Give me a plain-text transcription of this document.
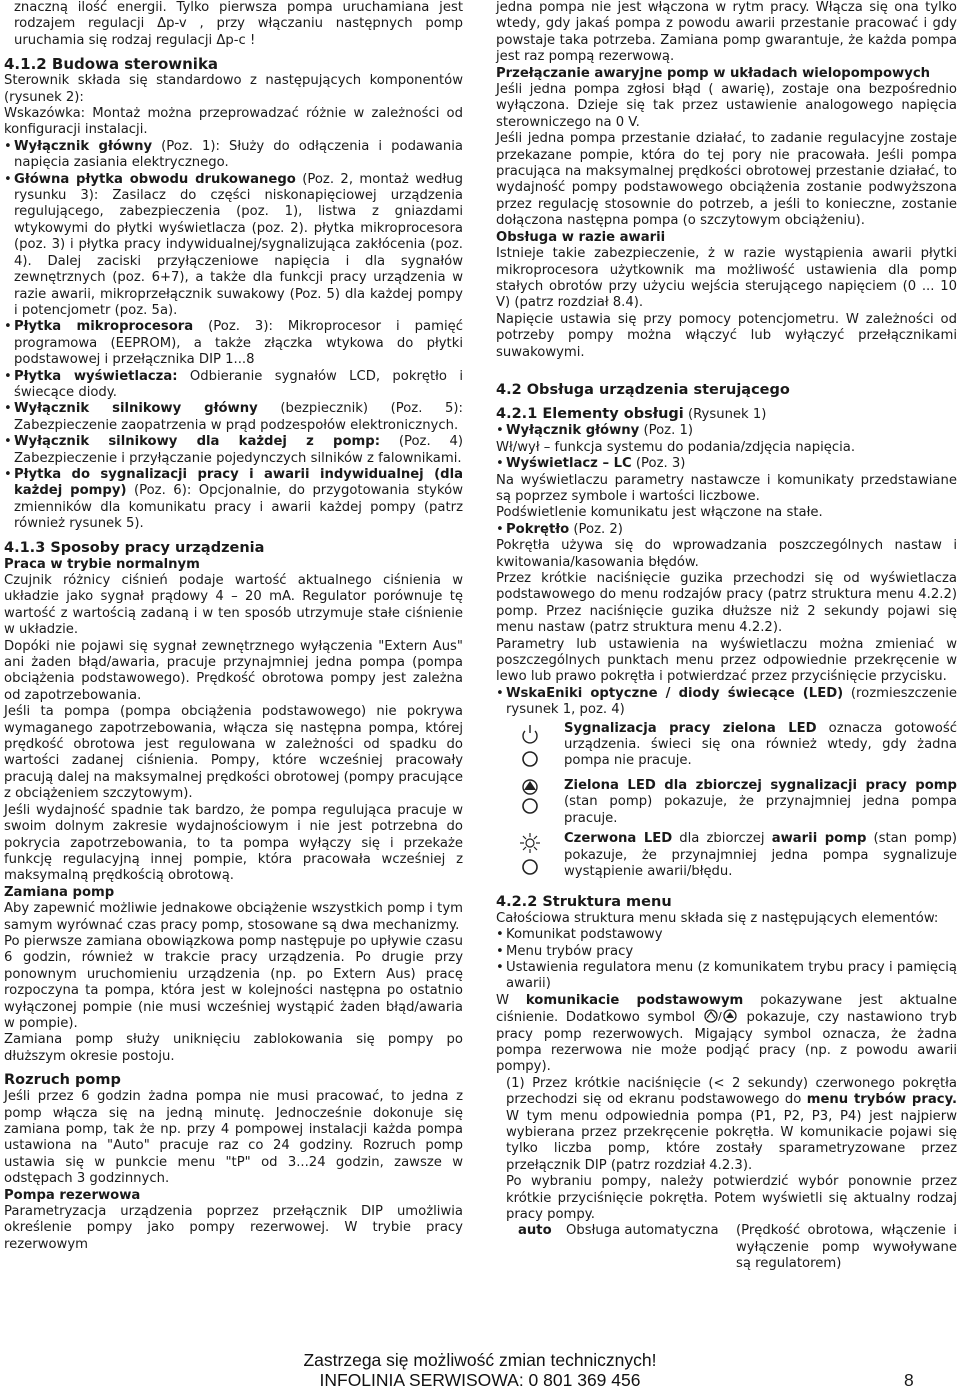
znaczną ilość energii. Tylko pierwsza pompa uruchamiana jest rodzajem regulacji Δp-v , przy włączaniu następnych pomp uruchamia się rodzaj regulacji Δp-c !

4.1.2 Budowa sterownika

Sterownik składa się standardowo z następujących komponentów (rysunek 2):

Wskazówka: Montaż można przeprowadzać różnie w zależności od konfiguracji instalacji.

• Wyłącznik główny (Poz. 1): Służy do odłączenia i podawania napięcia zasiania elektrycznego.

• Główna płytka obwodu drukowanego (Poz. 2, montaż według rysunku 3): Zasilacz do części niskonapięciowej urządzenia regulującego, zabezpieczenia (poz. 1), listwa z gniazdami wtykowymi do płytki wyświetlacza (poz. 2). płytka mikroprocesora (poz. 3) i płytka pracy indywidualnej/sygnalizująca zakłócenia (poz. 4). Dalej zaciski przyłączeniowe napięcia i dla sygnałów zewnętrznych (poz. 6+7), a także dla funkcji pracy urządzenia w razie awarii, mikroprzełącznik suwakowy (Poz. 5) dla każdej pompy i potencjometr (poz. 5a).

• Płytka mikroprocesora (Poz. 3): Mikroprocesor i pamięć programowa (EEPROM), a także złączka wtykowa do płytki podstawowej i przełącznika DIP 1...8

• Płytka wyświetlacza: Odbieranie sygnałów LCD, pokrętło i świecące diody.

• Wyłącznik silnikowy główny (bezpiecznik) (Poz. 5): Zabezpieczenie zaopatrzenia w prąd podzespołów elektronicznych.

• Wyłącznik silnikowy dla każdej z pomp: (Poz. 4) Zabezpieczenie i przyłączanie pojedynczych silników z falownikami.

• Płytka do sygnalizacji pracy i awarii indywidualnej (dla każdej pompy) (Poz. 6): Opcjonalnie, do przygotowania styków zmienników dla komunikatu pracy i awarii każdej pompy (patrz również rysunek 5).

4.1.3 Sposoby pracy urządzenia

Praca w trybie normalnym

Czujnik różnicy ciśnień podaje wartość aktualnego ciśnienia w układzie jako sygnał prądowy 4 – 20 mA. Regulator porównuje tę wartość z wartością zadaną i w ten sposób utrzymuje stałe ciśnienie w układzie.

Dopóki nie pojawi się sygnał zewnętrznego wyłączenia "Extern Aus" ani żaden błąd/awaria, pracuje przynajmniej jedna pompa (pompa obciążenia podstawowego). Prędkość obrotowa pompy jest zależna od zapotrzebowania.

Jeśli ta pompa (pompa obciążenia podstawowego) nie pokrywa wymaganego zapotrzebowania, włącza się następna pompa, której prędkość obrotowa jest regulowana w zależności od spadku do wartości zadanej ciśnienia. Pompy, które wcześniej pracowały pracują dalej na maksymalnej prędkości obrotowej (pompy pracujące z obciążeniem szczytowym).

Jeśli wydajność spadnie tak bardzo, że pompa regulująca pracuje w swoim dolnym zakresie wydajnościowym i nie jest potrzebna do pokrycia zapotrzebowania, to ta pompa wyłączy się i przekaże funkcję regulacyjną innej pompie, która pracowała wcześniej z maksymalną prędkością obrotową.

Zamiana pomp

Aby zapewnić możliwie jednakowe obciążenie wszystkich pomp i tym samym wyrównać czas pracy pomp, stosowane są dwa mechanizmy.

Po pierwsze zamiana obowiązkowa pomp następuje po upływie czasu 6 godzin, również w trakcie pracy urządzenia. Po drugie przy ponownym uruchomieniu urządzenia (np. po Extern Aus) pracę rozpoczyna ta pompa, która jest w kolejności następna po ostatnio wyłączonej pompie (nie musi wcześniej wystąpić żaden błąd/awaria w pompie).

Zamiana pomp służy uniknięciu zablokowania się pompy po dłuższym okresie postoju.

Rozruch pomp

Jeśli przez 6 godzin żadna pompa nie musi pracować, to jedna z pomp włącza się na jedną minutę. Jednocześnie dokonuje się zamiana pomp, tak że np. przy 4 pompowej instalacji każda pompa ustawiona na "Auto" pracuje raz co 24 godziny. Rozruch pomp ustawia się w punkcie menu "tP" od 3...24 godzin, zawsze w odstępach 3 godzinnych.

Pompa rezerwowa

Parametryzacja urządzenia poprzez przełącznik DIP umożliwia określenie pompy jako pompy rezerwowej. W trybie pracy rezerwowym

jedna pompa nie jest włączona w rytm pracy. Włącza się ona tylko wtedy, gdy jakaś pompa z powodu awarii przestanie pracować i gdy powstaje taka potrzeba. Zamiana pomp gwarantuje, że każda pompa jest raz pompą rezerwową.

Przełączanie awaryjne pomp w układach wielopompowych

Jeśli jedna pompa zgłosi błąd ( awarię), zostaje ona bezpośrednio wyłączona. Dzieje się tak przez ustawienie analogowego napięcia sterowniczego na 0 V.

Jeśli jedna pompa przestanie działać, to zadanie regulacyjne zostaje przekazane pompie, która do tej pory nie pracowała. Jeśli pompa pracująca na maksymalnej prędkości obrotowej przestanie działać, to wydajność pompy podstawowego obciążenia zostanie podwyższona przez regulację stosownie do potrzeb, a jeśli to konieczne, zostanie dołączona następna pompa (o szczytowym obciążeniu).

Obsługa w razie awarii

Istnieje takie zabezpieczenie, ż w razie wystąpienia awarii płytki mikroprocesora użytkownik ma możliwość ustawienia dla pomp stałych obrotów przy użyciu wejścia sterującego napięciem (0 ... 10 V) (patrz rozdział 8.4).

Napięcie ustawia się przy pomocy potencjometru. W zależności od potrzeby pompy można włączyć lub wyłączyć przełącznikami suwakowymi.

4.2 Obsługa urządzenia sterującego

4.2.1 Elementy obsługi (Rysunek 1)

• Wyłącznik główny (Poz. 1)

Wł/wył – funkcja systemu do podania/zdjęcia napięcia.

• Wyświetlacz – LC (Poz. 3)

Na wyświetlaczu parametry nastawcze i komunikaty przedstawiane są poprzez symbole i wartości liczbowe.

Podświetlenie komunikatu jest włączone na stałe.

• Pokrętło (Poz. 2)

Pokrętła używa się do wprowadzania poszczególnych nastaw i kwitowania/kasowania błędów.

Przez krótkie naciśnięcie guzika przechodzi się od wyświetlacza podstawowego do menu rodzajów pracy (patrz struktura menu 4.2.2) pomp. Przez naciśnięcie guzika dłuższe niż 2 sekundy pojawi się menu nastaw (patrz struktura menu 4.2.2).

Parametry lub ustawienia na wyświetlaczu można zmieniać w poszczególnych punktach menu przez odpowiednie przekręcenie w lewo lub prawo pokrętła i potwierdzać przez przyciśnięcie przycisku.

• WskaEniki optyczne / diody świecące (LED) (rozmieszczenie rysunek 1, poz. 4)

Sygnalizacja pracy zielona LED oznacza gotowość urządzenia. świeci się ona również wtedy, gdy żadna pompa nie pracuje.

Zielona LED dla zbiorczej sygnalizacji pracy pomp (stan pomp) pokazuje, że przynajmniej jedna pompa pracuje.

Czerwona LED dla zbiorczej awarii pomp (stan pomp) pokazuje, że przynajmniej jedna pompa sygnalizuje wystąpienie awarii/błędu.

4.2.2 Struktura menu

Całościowa struktura menu składa się z następujących elementów:

• Komunikat podstawowy

• Menu trybów pracy

• Ustawienia regulatora menu (z komunikatem trybu pracy i pamięcią awarii)

W komunikacie podstawowym pokazywane jest aktualne ciśnienie. Dodatkowo symbol / pokazuje, czy nastawiono tryb pracy pomp rezerwowych. Migający symbol oznacza, że żadna pompa rezerwowa nie może podjąć pracy (np. z powodu awarii pompy).

(1) Przez krótkie naciśnięcie (< 2 sekundy) czerwonego pokrętła przechodzi się od ekranu podstawowego do menu trybów pracy. W tym menu odpowiednia pompa (P1, P2, P3, P4) jest najpierw wybierana przez przekręcenie pokrętła. W komunikacie pojawi się tylko liczba pomp, które zostały sparametryzowane przez przełącznik DIP (patrz rozdział 4.2.3).

Po wybraniu pompy, należy potwierdzić wybór ponownie przez krótkie przyciśnięcie pokrętła. Potem wyświetli się aktualny rodzaj pracy pompy.

auto	Obsługa automatyczna	(Prędkość obrotowa, włączenie i wyłączenie pomp wywoływane są regulatorem)
Zastrzega się możliwość zmian technicznych!
INFOLINIA SERWISOWA: 0 801 369 456	8
